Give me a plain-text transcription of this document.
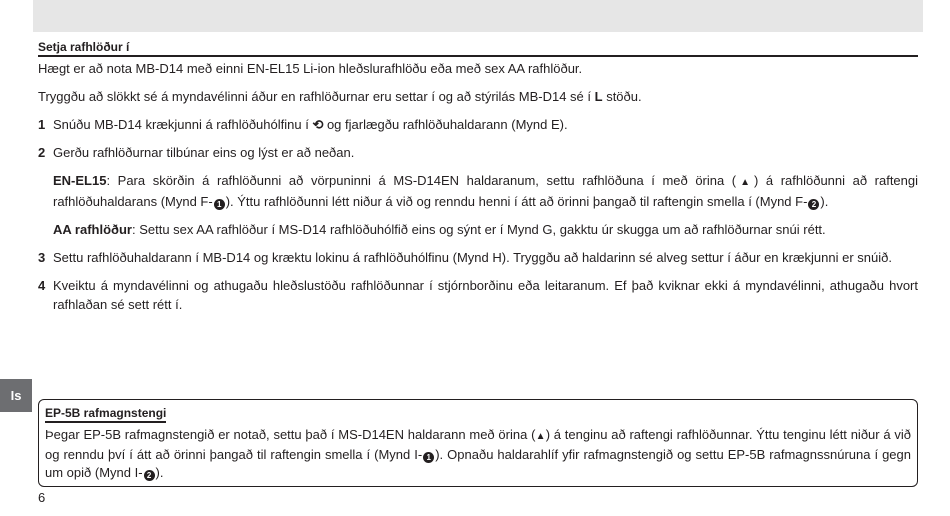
Setja rafhlöður í

Hægt er að nota MB-D14 með einni EN-EL15 Li-ion hleðslurafhlöðu eða með sex AA rafhlöður.

Tryggðu að slökkt sé á myndavélinni áður en rafhlöðurnar eru settar í og að stýrilás MB-D14 sé í L stöðu.

1 Snúðu MB-D14 krækjunni á rafhlöðuhólfinu í ⟲ og fjarlægðu rafhlöðuhaldarann (Mynd E).
2 Gerðu rafhlöðurnar tilbúnar eins og lýst er að neðan.
EN-EL15: Para skörðin á rafhlöðunni að vörpuninni á MS-D14EN haldaranum, settu rafhlöðuna í með örina (▲) á rafhlöðunni að raftengi rafhlöðuhaldarans (Mynd F- 1 ). Ýttu rafhlöðunni létt niður á við og renndu henni í átt að örinni þangað til raftengin smella í (Mynd F- 2 ).
AA rafhlöður: Settu sex AA rafhlöður í MS-D14 rafhlöðuhólfið eins og sýnt er í Mynd G, gakktu úr skugga um að rafhlöðurnar snúi rétt.
3 Settu rafhlöðuhaldarann í MB-D14 og kræktu lokinu á rafhlöðuhólfinu (Mynd H). Tryggðu að haldarinn sé alveg settur í áður en krækjunni er snúið.
4 Kveiktu á myndavélinni og athugaðu hleðslustöðu rafhlöðunnar í stjórnborðinu eða leitaranum. Ef það kviknar ekki á myndavélinni, athugaðu hvort rafhlaðan sé sett rétt í.
Is
EP-5B rafmagnstengi
Þegar EP-5B rafmagnstengið er notað, settu það í MS-D14EN haldarann með örina (▲) á tenginu að raftengi rafhlöðunnar. Ýttu tenginu létt niður á við og renndu því í átt að örinni þangað til raftengin smella í (Mynd I- 1 ). Opnaðu haldarahlíf yfir rafmagnstengið og settu EP-5B rafmagnssnúruna í gegn um opið (Mynd I- 2 ).
6
